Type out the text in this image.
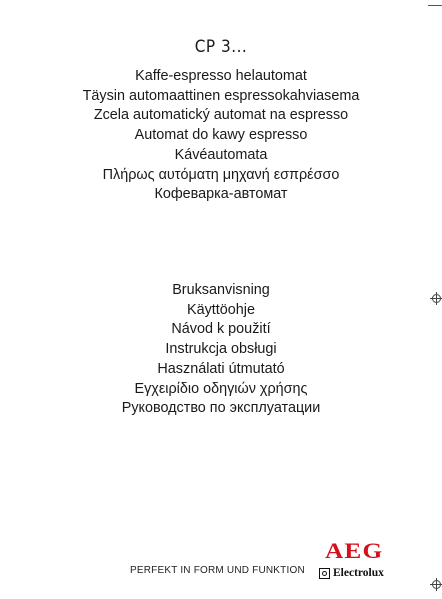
CP 3...
Kaffe-espresso helautomat
Täysin automaattinen espressokahviasema
Zcela automatický automat na espresso
Automat do kawy espresso
Kávéautomata
Πλήρως αυτόματη μηχανή εσπρέσσο
Кофеварка-автомат
Bruksanvisning
Käyttöohje
Návod k použití
Instrukcja obsługi
Használati útmutató
Εγχειρίδιο οδηγιών χρήσης
Руководство по эксплуатации
PERFEKT IN FORM UND FUNKTION
AEG
Electrolux
